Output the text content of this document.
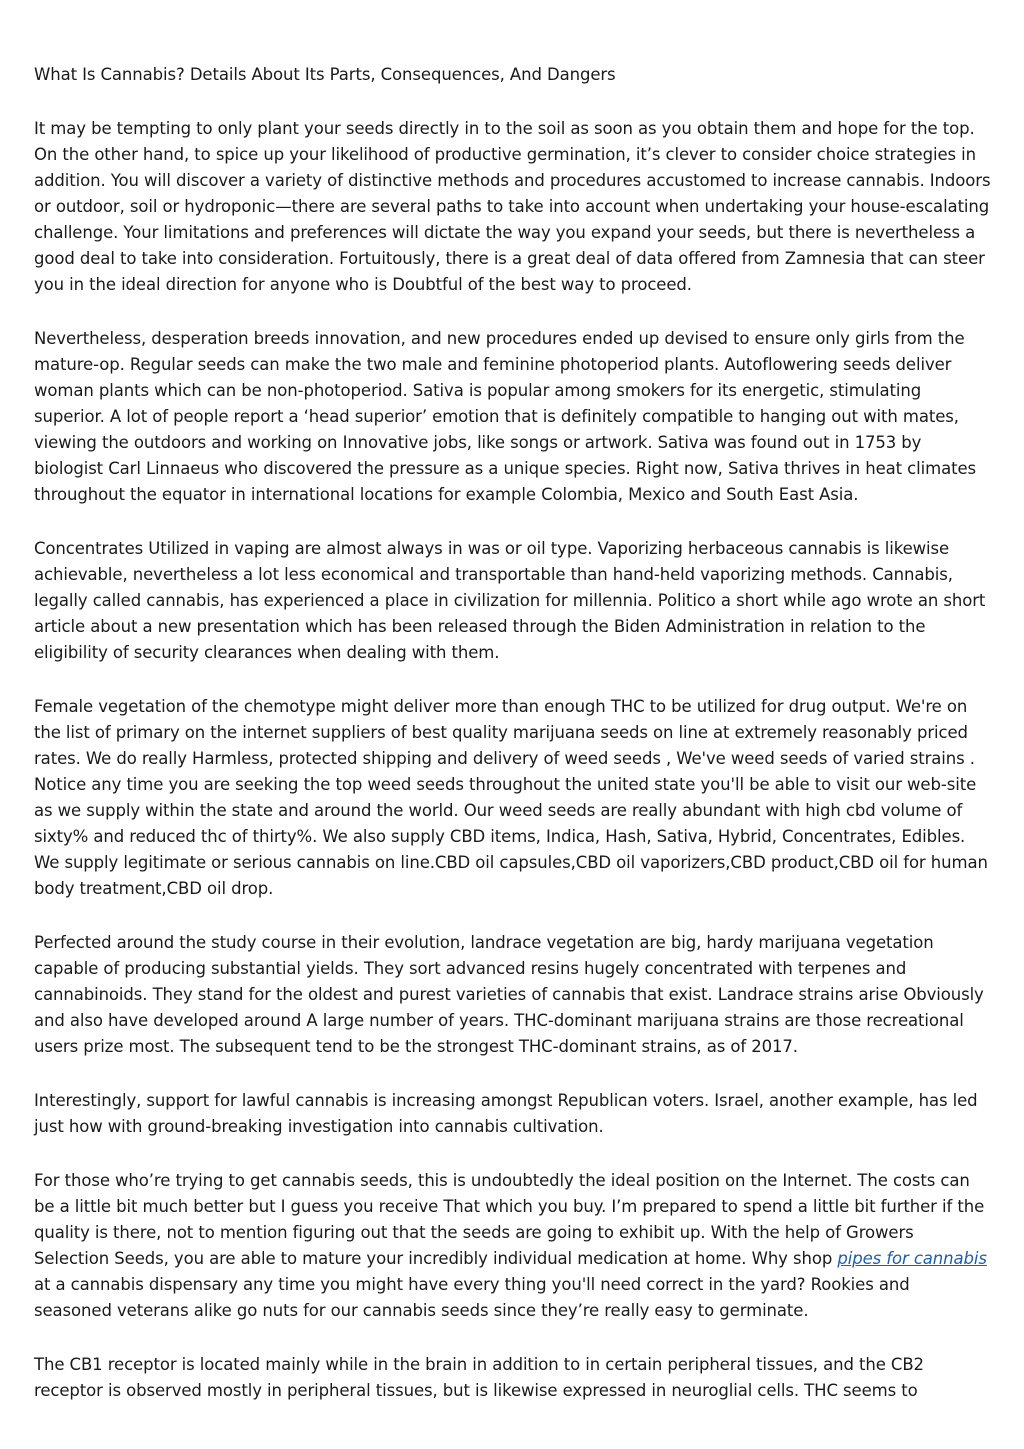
What Is Cannabis? Details About Its Parts, Consequences, And Dangers

It may be tempting to only plant your seeds directly in to the soil as soon as you obtain them and hope for the top. On the other hand, to spice up your likelihood of productive germination, it’s clever to consider choice strategies in addition. You will discover a variety of distinctive methods and procedures accustomed to increase cannabis. Indoors or outdoor, soil or hydroponic—there are several paths to take into account when undertaking your house-escalating challenge. Your limitations and preferences will dictate the way you expand your seeds, but there is nevertheless a good deal to take into consideration. Fortuitously, there is a great deal of data offered from Zamnesia that can steer you in the ideal direction for anyone who is Doubtful of the best way to proceed.

Nevertheless, desperation breeds innovation, and new procedures ended up devised to ensure only girls from the mature-op. Regular seeds can make the two male and feminine photoperiod plants. Autoflowering seeds deliver woman plants which can be non-photoperiod. Sativa is popular among smokers for its energetic, stimulating superior. A lot of people report a ‘head superior’ emotion that is definitely compatible to hanging out with mates, viewing the outdoors and working on Innovative jobs, like songs or artwork. Sativa was found out in 1753 by biologist Carl Linnaeus who discovered the pressure as a unique species. Right now, Sativa thrives in heat climates throughout the equator in international locations for example Colombia, Mexico and South East Asia.

Concentrates Utilized in vaping are almost always in was or oil type. Vaporizing herbaceous cannabis is likewise achievable, nevertheless a lot less economical and transportable than hand-held vaporizing methods. Cannabis, legally called cannabis, has experienced a place in civilization for millennia. Politico a short while ago wrote an short article about a new presentation which has been released through the Biden Administration in relation to the eligibility of security clearances when dealing with them.

Female vegetation of the chemotype might deliver more than enough THC to be utilized for drug output. We're on the list of primary on the internet suppliers of best quality marijuana seeds on line at extremely reasonably priced rates. We do really Harmless, protected shipping and delivery of weed seeds , We've weed seeds of varied strains . Notice any time you are seeking the top weed seeds throughout the united state you'll be able to visit our web-site as we supply within the state and around the world. Our weed seeds are really abundant with high cbd volume of sixty% and reduced thc of thirty%. We also supply CBD items, Indica, Hash, Sativa, Hybrid, Concentrates, Edibles. We supply legitimate or serious cannabis on line.CBD oil capsules,CBD oil vaporizers,CBD product,CBD oil for human body treatment,CBD oil drop.

Perfected around the study course in their evolution, landrace vegetation are big, hardy marijuana vegetation capable of producing substantial yields. They sort advanced resins hugely concentrated with terpenes and cannabinoids. They stand for the oldest and purest varieties of cannabis that exist. Landrace strains arise Obviously and also have developed around A large number of years. THC-dominant marijuana strains are those recreational users prize most. The subsequent tend to be the strongest THC-dominant strains, as of 2017.

Interestingly, support for lawful cannabis is increasing amongst Republican voters. Israel, another example, has led just how with ground-breaking investigation into cannabis cultivation.

For those who’re trying to get cannabis seeds, this is undoubtedly the ideal position on the Internet. The costs can be a little bit much better but I guess you receive That which you buy. I’m prepared to spend a little bit further if the quality is there, not to mention figuring out that the seeds are going to exhibit up. With the help of Growers Selection Seeds, you are able to mature your incredibly individual medication at home. Why shop pipes for cannabis at a cannabis dispensary any time you might have every thing you'll need correct in the yard? Rookies and seasoned veterans alike go nuts for our cannabis seeds since they’re really easy to germinate.

The CB1 receptor is located mainly while in the brain in addition to in certain peripheral tissues, and the CB2 receptor is observed mostly in peripheral tissues, but is likewise expressed in neuroglial cells. THC seems to
